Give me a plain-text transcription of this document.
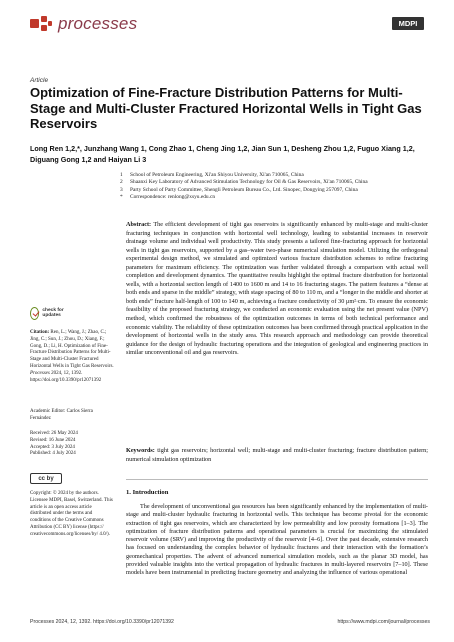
processes	MDPI
Article
Optimization of Fine-Fracture Distribution Patterns for Multi-Stage and Multi-Cluster Fractured Horizontal Wells in Tight Gas Reservoirs
Long Ren 1,2,*, Junzhang Wang 1, Cong Zhao 1, Cheng Jing 1,2, Jian Sun 1, Desheng Zhou 1,2, Fuguo Xiang 1,2, Diguang Gong 1,2 and Haiyan Li 3
1	School of Petroleum Engineering, Xi'an Shiyou University, Xi'an 710065, China
2	Shaanxi Key Laboratory of Advanced Stimulation Technology for Oil & Gas Reservoirs, Xi'an 710065, China
3	Party School of Party Committee, Shengli Petroleum Bureau Co., Ltd. Sinopec, Dongying 257097, China
*	Correspondence: renlong@xsyu.edu.cn
Abstract: The efficient development of tight gas reservoirs is significantly enhanced by multi-stage and multi-cluster fracturing techniques in conjunction with horizontal well technology, leading to substantial increases in reservoir drainage volume and individual well productivity. This study presents a tailored fine-fracturing approach for horizontal wells in tight gas reservoirs, supported by a gas–water two-phase numerical simulation model. Utilizing the orthogonal experimental design method, we simulated and optimized various fracture distribution schemes to refine fracturing parameters for maximum efficiency. The optimization was further validated through a comparison with actual well completion and development dynamics. The quantitative results highlight the optimal fracture distribution for horizontal wells, with a horizontal section length of 1400 to 1600 m and 14 to 16 fracturing stages. The pattern features a “dense at both ends and sparse in the middle” strategy, with stage spacing of 80 to 110 m, and a “longer in the middle and shorter at both ends” fracture half-length of 100 to 140 m, achieving a fracture conductivity of 30 μm²·cm. To ensure the economic feasibility of the proposed fracturing strategy, we conducted an economic evaluation using the net present value (NPV) method, which confirmed the robustness of the optimization outcomes in terms of both technical performance and economic viability. The reliability of these optimization outcomes has been confirmed through practical application in the development of horizontal wells in the study area. This research approach and methodology can provide theoretical guidance for the design of hydraulic fracturing operations and the integration of geological and engineering practices in similar unconventional oil and gas reservoirs.
Keywords: tight gas reservoirs; horizontal well; multi-stage and multi-cluster fracturing; fracture distribution pattern; numerical simulation optimization
check for updates
Citation: Ren, L.; Wang, J.; Zhao, C.; Jing, C.; Sun, J.; Zhou, D.; Xiang, F.; Gong, D.; Li, H. Optimization of Fine-Fracture Distribution Patterns for Multi-Stage and Multi-Cluster Fractured Horizontal Wells in Tight Gas Reservoirs. Processes 2024, 12, 1392. https://doi.org/10.3390/pr12071392
Academic Editor: Carlos Sierra Fernández
Received: 26 May 2024
Revised: 16 June 2024
Accepted: 3 July 2024
Published: 4 July 2024
cc by
Copyright: © 2024 by the authors. Licensee MDPI, Basel, Switzerland. This article is an open access article distributed under the terms and conditions of the Creative Commons Attribution (CC BY) license (https:// creativecommons.org/licenses/by/ 4.0/).
1. Introduction

The development of unconventional gas resources has been significantly enhanced by the implementation of multi-stage and multi-cluster hydraulic fracturing in horizontal wells. This technique has become pivotal for the economic extraction of tight gas reservoirs, which are characterized by low permeability and low porosity formations [1–3]. The optimization of fracture distribution patterns and operational parameters is crucial for maximizing the stimulated reservoir volume (SRV) and improving the productivity of the reservoir [4–6]. Over the past decade, extensive research has focused on understanding the complex behavior of hydraulic fractures and their interaction with the formation’s geomechanical properties. The advent of advanced numerical simulation models, such as the planar 3D model, has provided valuable insights into the vertical propagation of hydraulic fractures in multi-layered reservoirs [7–10]. These models have been instrumental in predicting fracture geometry and analyzing the influence of various operational

Processes 2024, 12, 1392. https://doi.org/10.3390/pr12071392	https://www.mdpi.com/journal/processes
